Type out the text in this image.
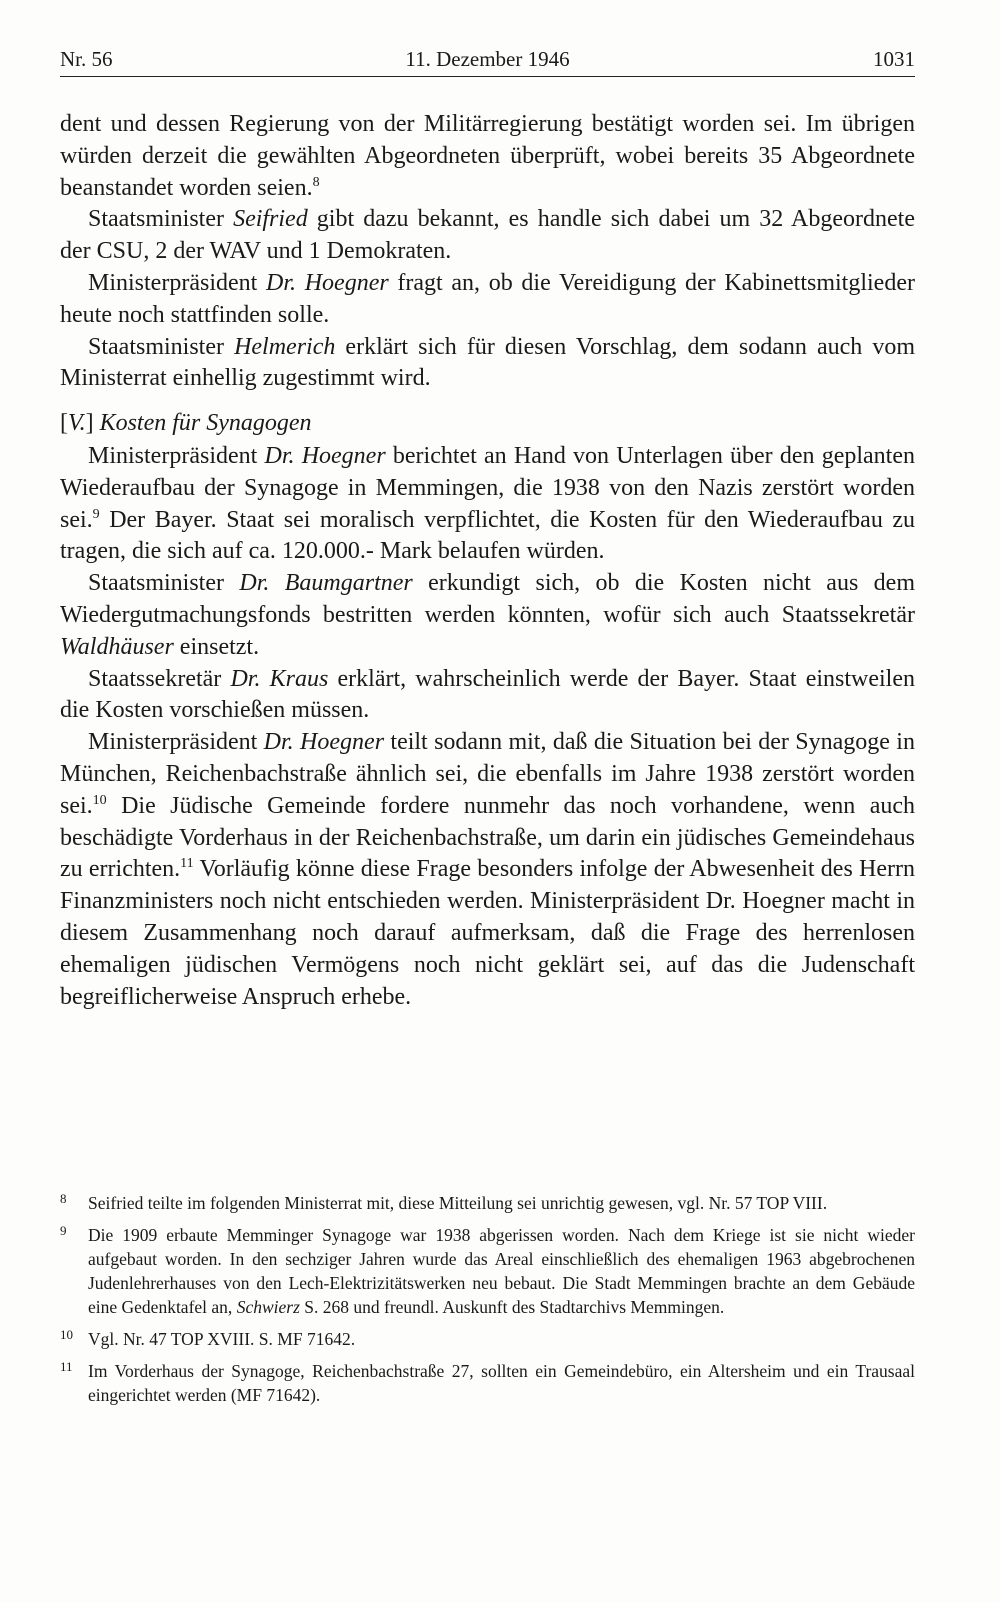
Nr. 56	11. Dezember 1946	1031

dent und dessen Regierung von der Militärregierung bestätigt worden sei. Im übrigen würden derzeit die gewählten Abgeordneten überprüft, wobei bereits 35 Abgeordnete beanstandet worden seien.$^8$

Staatsminister Seifried gibt dazu bekannt, es handle sich dabei um 32 Abgeordnete der CSU, 2 der WAV und 1 Demokraten.

Ministerpräsident Dr. Hoegner fragt an, ob die Vereidigung der Kabinettsmitglieder heute noch stattfinden solle.

Staatsminister Helmerich erklärt sich für diesen Vorschlag, dem sodann auch vom Ministerrat einhellig zugestimmt wird.

[V.] Kosten für Synagogen

Ministerpräsident Dr. Hoegner berichtet an Hand von Unterlagen über den geplanten Wiederaufbau der Synagoge in Memmingen, die 1938 von den Nazis zerstört worden sei.$^9$ Der Bayer. Staat sei moralisch verpflichtet, die Kosten für den Wiederaufbau zu tragen, die sich auf ca. 120.000.- Mark belaufen würden.

Staatsminister Dr. Baumgartner erkundigt sich, ob die Kosten nicht aus dem Wiedergutmachungsfonds bestritten werden könnten, wofür sich auch Staatssekretär Waldhäuser einsetzt.

Staatssekretär Dr. Kraus erklärt, wahrscheinlich werde der Bayer. Staat einstweilen die Kosten vorschießen müssen.

Ministerpräsident Dr. Hoegner teilt sodann mit, daß die Situation bei der Synagoge in München, Reichenbachstraße ähnlich sei, die ebenfalls im Jahre 1938 zerstört worden sei.$^{10}$ Die Jüdische Gemeinde fordere nunmehr das noch vorhandene, wenn auch beschädigte Vorderhaus in der Reichenbachstraße, um darin ein jüdisches Gemeindehaus zu errichten.$^{11}$ Vorläufig könne diese Frage besonders infolge der Abwesenheit des Herrn Finanzministers noch nicht entschieden werden. Ministerpräsident Dr. Hoegner macht in diesem Zusammenhang noch darauf aufmerksam, daß die Frage des herrenlosen ehemaligen jüdischen Vermögens noch nicht geklärt sei, auf das die Judenschaft begreiflicherweise Anspruch erhebe.

8 Seifried teilte im folgenden Ministerrat mit, diese Mitteilung sei unrichtig gewesen, vgl. Nr. 57 TOP VIII.
9 Die 1909 erbaute Memminger Synagoge war 1938 abgerissen worden. Nach dem Kriege ist sie nicht wieder aufgebaut worden. In den sechziger Jahren wurde das Areal einschließlich des ehemaligen 1963 abgebrochenen Judenlehrerhauses von den Lech-Elektrizitätswerken neu bebaut. Die Stadt Memmingen brachte an dem Gebäude eine Gedenktafel an, Schwierz S. 268 und freundl. Auskunft des Stadtarchivs Memmingen.
10 Vgl. Nr. 47 TOP XVIII. S. MF 71642.
11 Im Vorderhaus der Synagoge, Reichenbachstraße 27, sollten ein Gemeindebüro, ein Altersheim und ein Trausaal eingerichtet werden (MF 71642).
